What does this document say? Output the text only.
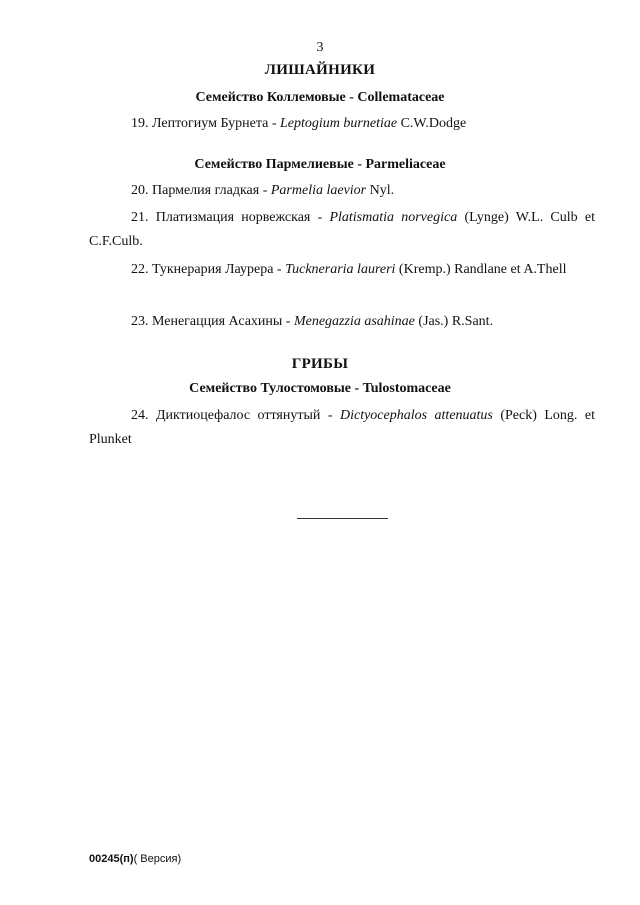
3
ЛИШАЙНИКИ
Семейство Коллемовые - Collemataceae
19. Лептогиум Бурнета - Leptogium burnetiae C.W.Dodge
Семейство Пармелиевые - Parmeliaceae
20. Пармелия гладкая - Parmelia laevior Nyl.
21. Платизмация норвежская - Platismatia norvegica (Lynge) W.L. Culb et C.F.Culb.
22. Тукнерария Лаурера - Tuckneraria laureri (Kremp.) Randlane et A.Thell
23. Менегацция Асахины - Menegazzia asahinae (Jas.) R.Sant.
ГРИБЫ
Семейство Тулостомовые - Tulostomaceae
24. Диктиоцефалос оттянутый - Dictyocephalos attenuatus (Peck) Long. et Plunket
00245(п)( Версия)
